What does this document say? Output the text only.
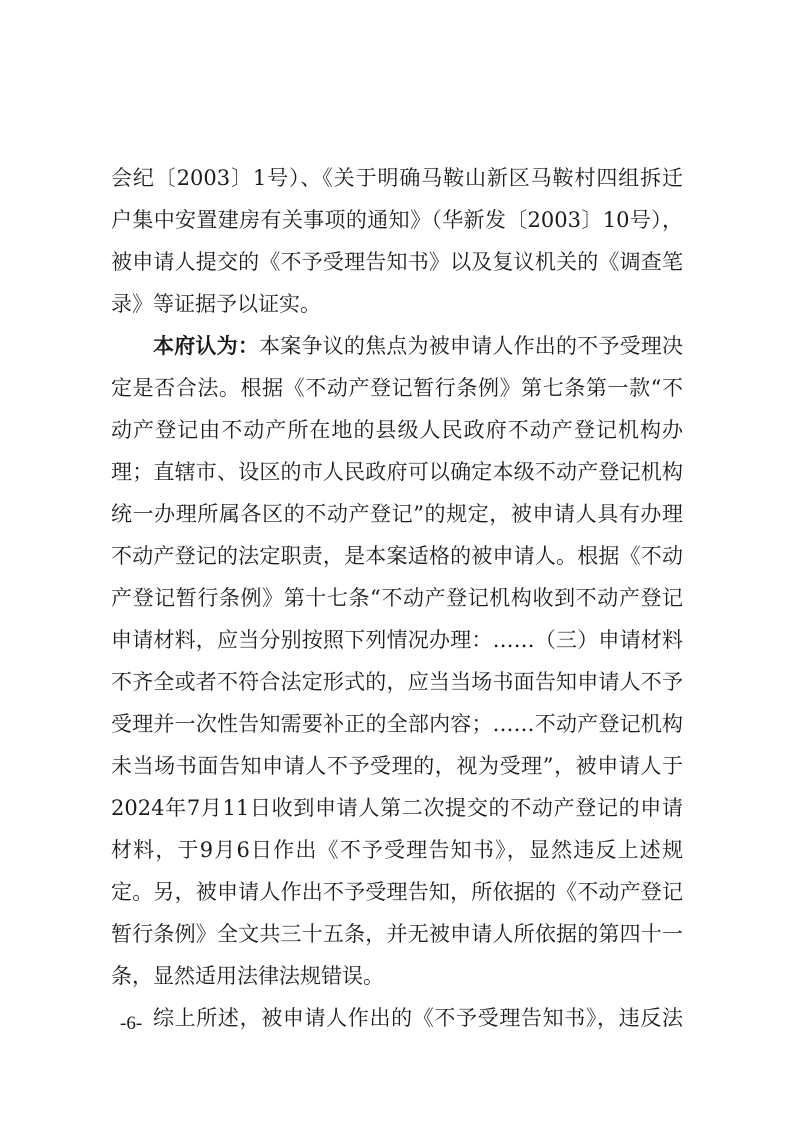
会纪〔2003〕1号）、《关于明确马鞍山新区马鞍村四组拆迁
户集中安置建房有关事项的通知》（华新发〔2003〕10号），
被申请人提交的《不予受理告知书》以及复议机关的《调查笔
录》等证据予以证实。
本府认为：本案争议的焦点为被申请人作出的不予受理决
定是否合法。根据《不动产登记暂行条例》第七条第一款“不
动产登记由不动产所在地的县级人民政府不动产登记机构办
理；直辖市、设区的市人民政府可以确定本级不动产登记机构
统一办理所属各区的不动产登记”的规定，被申请人具有办理
不动产登记的法定职责，是本案适格的被申请人。根据《不动
产登记暂行条例》第十七条“不动产登记机构收到不动产登记
申请材料，应当分别按照下列情况办理：……（三）申请材料
不齐全或者不符合法定形式的，应当当场书面告知申请人不予
受理并一次性告知需要补正的全部内容；……不动产登记机构
未当场书面告知申请人不予受理的，视为受理”，被申请人于
2024年7月11日收到申请人第二次提交的不动产登记的申请
材料，于9月6日作出《不予受理告知书》，显然违反上述规
定。另，被申请人作出不予受理告知，所依据的《不动产登记
暂行条例》全文共三十五条，并无被申请人所依据的第四十一
条，显然适用法律法规错误。
综上所述，被申请人作出的《不予受理告知书》，违反法
-6-
